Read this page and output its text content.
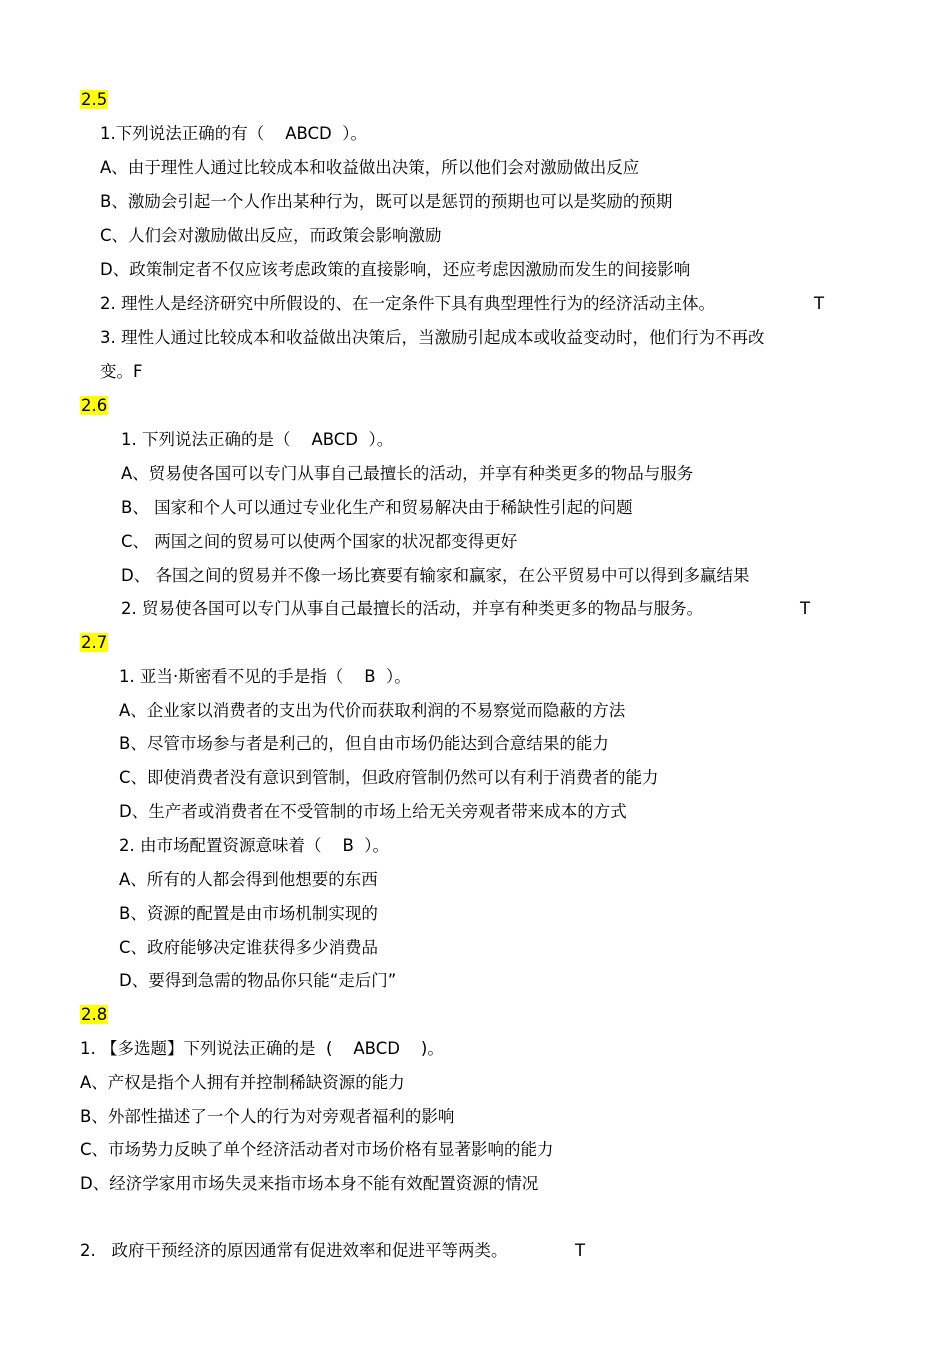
2.5
1.下列说法正确的有（    ABCD  ）。
A、由于理性人通过比较成本和收益做出决策，所以他们会对激励做出反应
B、激励会引起一个人作出某种行为，既可以是惩罚的预期也可以是奖励的预期
C、人们会对激励做出反应，而政策会影响激励
D、政策制定者不仅应该考虑政策的直接影响，还应考虑因激励而发生的间接影响
2. 理性人是经济研究中所假设的、在一定条件下具有典型理性行为的经济活动主体。	T
3. 理性人通过比较成本和收益做出决策后，当激励引起成本或收益变动时，他们行为不再改
变。F
2.6
1. 下列说法正确的是（    ABCD  ）。
A、贸易使各国可以专门从事自己最擅长的活动，并享有种类更多的物品与服务
B、 国家和个人可以通过专业化生产和贸易解决由于稀缺性引起的问题
C、 两国之间的贸易可以使两个国家的状况都变得更好
D、 各国之间的贸易并不像一场比赛要有输家和赢家，在公平贸易中可以得到多赢结果
2. 贸易使各国可以专门从事自己最擅长的活动，并享有种类更多的物品与服务。	T
2.7
1. 亚当·斯密看不见的手是指（    B  ）。
A、企业家以消费者的支出为代价而获取利润的不易察觉而隐蔽的方法
B、尽管市场参与者是利己的，但自由市场仍能达到合意结果的能力
C、即使消费者没有意识到管制，但政府管制仍然可以有利于消费者的能力
D、生产者或消费者在不受管制的市场上给无关旁观者带来成本的方式
2. 由市场配置资源意味着（    B  ）。
A、所有的人都会得到他想要的东西
B、资源的配置是由市场机制实现的
C、政府能够决定谁获得多少消费品
D、要得到急需的物品你只能“走后门”
2.8
1. 【多选题】下列说法正确的是  (    ABCD    )。
A、产权是指个人拥有并控制稀缺资源的能力
B、外部性描述了一个人的行为对旁观者福利的影响
C、市场势力反映了单个经济活动者对市场价格有显著影响的能力
D、经济学家用市场失灵来指市场本身不能有效配置资源的情况
2.   政府干预经济的原因通常有促进效率和促进平等两类。	T
